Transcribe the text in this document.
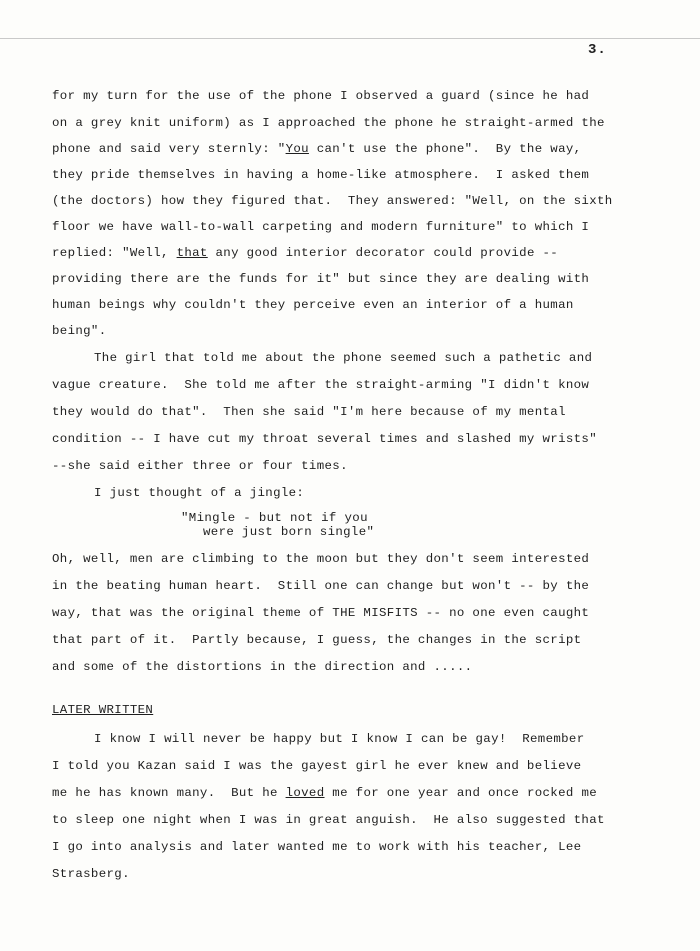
3.
for my turn for the use of the phone I observed a guard (since he had
on a grey knit uniform) as I approached the phone he straight-armed the
phone and said very sternly: "You can't use the phone".  By the way,
they pride themselves in having a home-like atmosphere.  I asked them
(the doctors) how they figured that.  They answered: "Well, on the sixth
floor we have wall-to-wall carpeting and modern furniture" to which I
replied: "Well, that any good interior decorator could provide --
providing there are the funds for it" but since they are dealing with
human beings why couldn't they perceive even an interior of a human
being".
The girl that told me about the phone seemed such a pathetic and
vague creature.  She told me after the straight-arming "I didn't know
they would do that".  Then she said "I'm here because of my mental
condition -- I have cut my throat several times and slashed my wrists"
--she said either three or four times.
I just thought of a jingle:
"Mingle - but not if you
were just born single"
Oh, well, men are climbing to the moon but they don't seem interested
in the beating human heart.  Still one can change but won't -- by the
way, that was the original theme of THE MISFITS -- no one even caught
that part of it.  Partly because, I guess, the changes in the script
and some of the distortions in the direction and .....
LATER WRITTEN
I know I will never be happy but I know I can be gay!  Remember
I told you Kazan said I was the gayest girl he ever knew and believe
me he has known many.  But he loved me for one year and once rocked me
to sleep one night when I was in great anguish.  He also suggested that
I go into analysis and later wanted me to work with his teacher, Lee
Strasberg.
